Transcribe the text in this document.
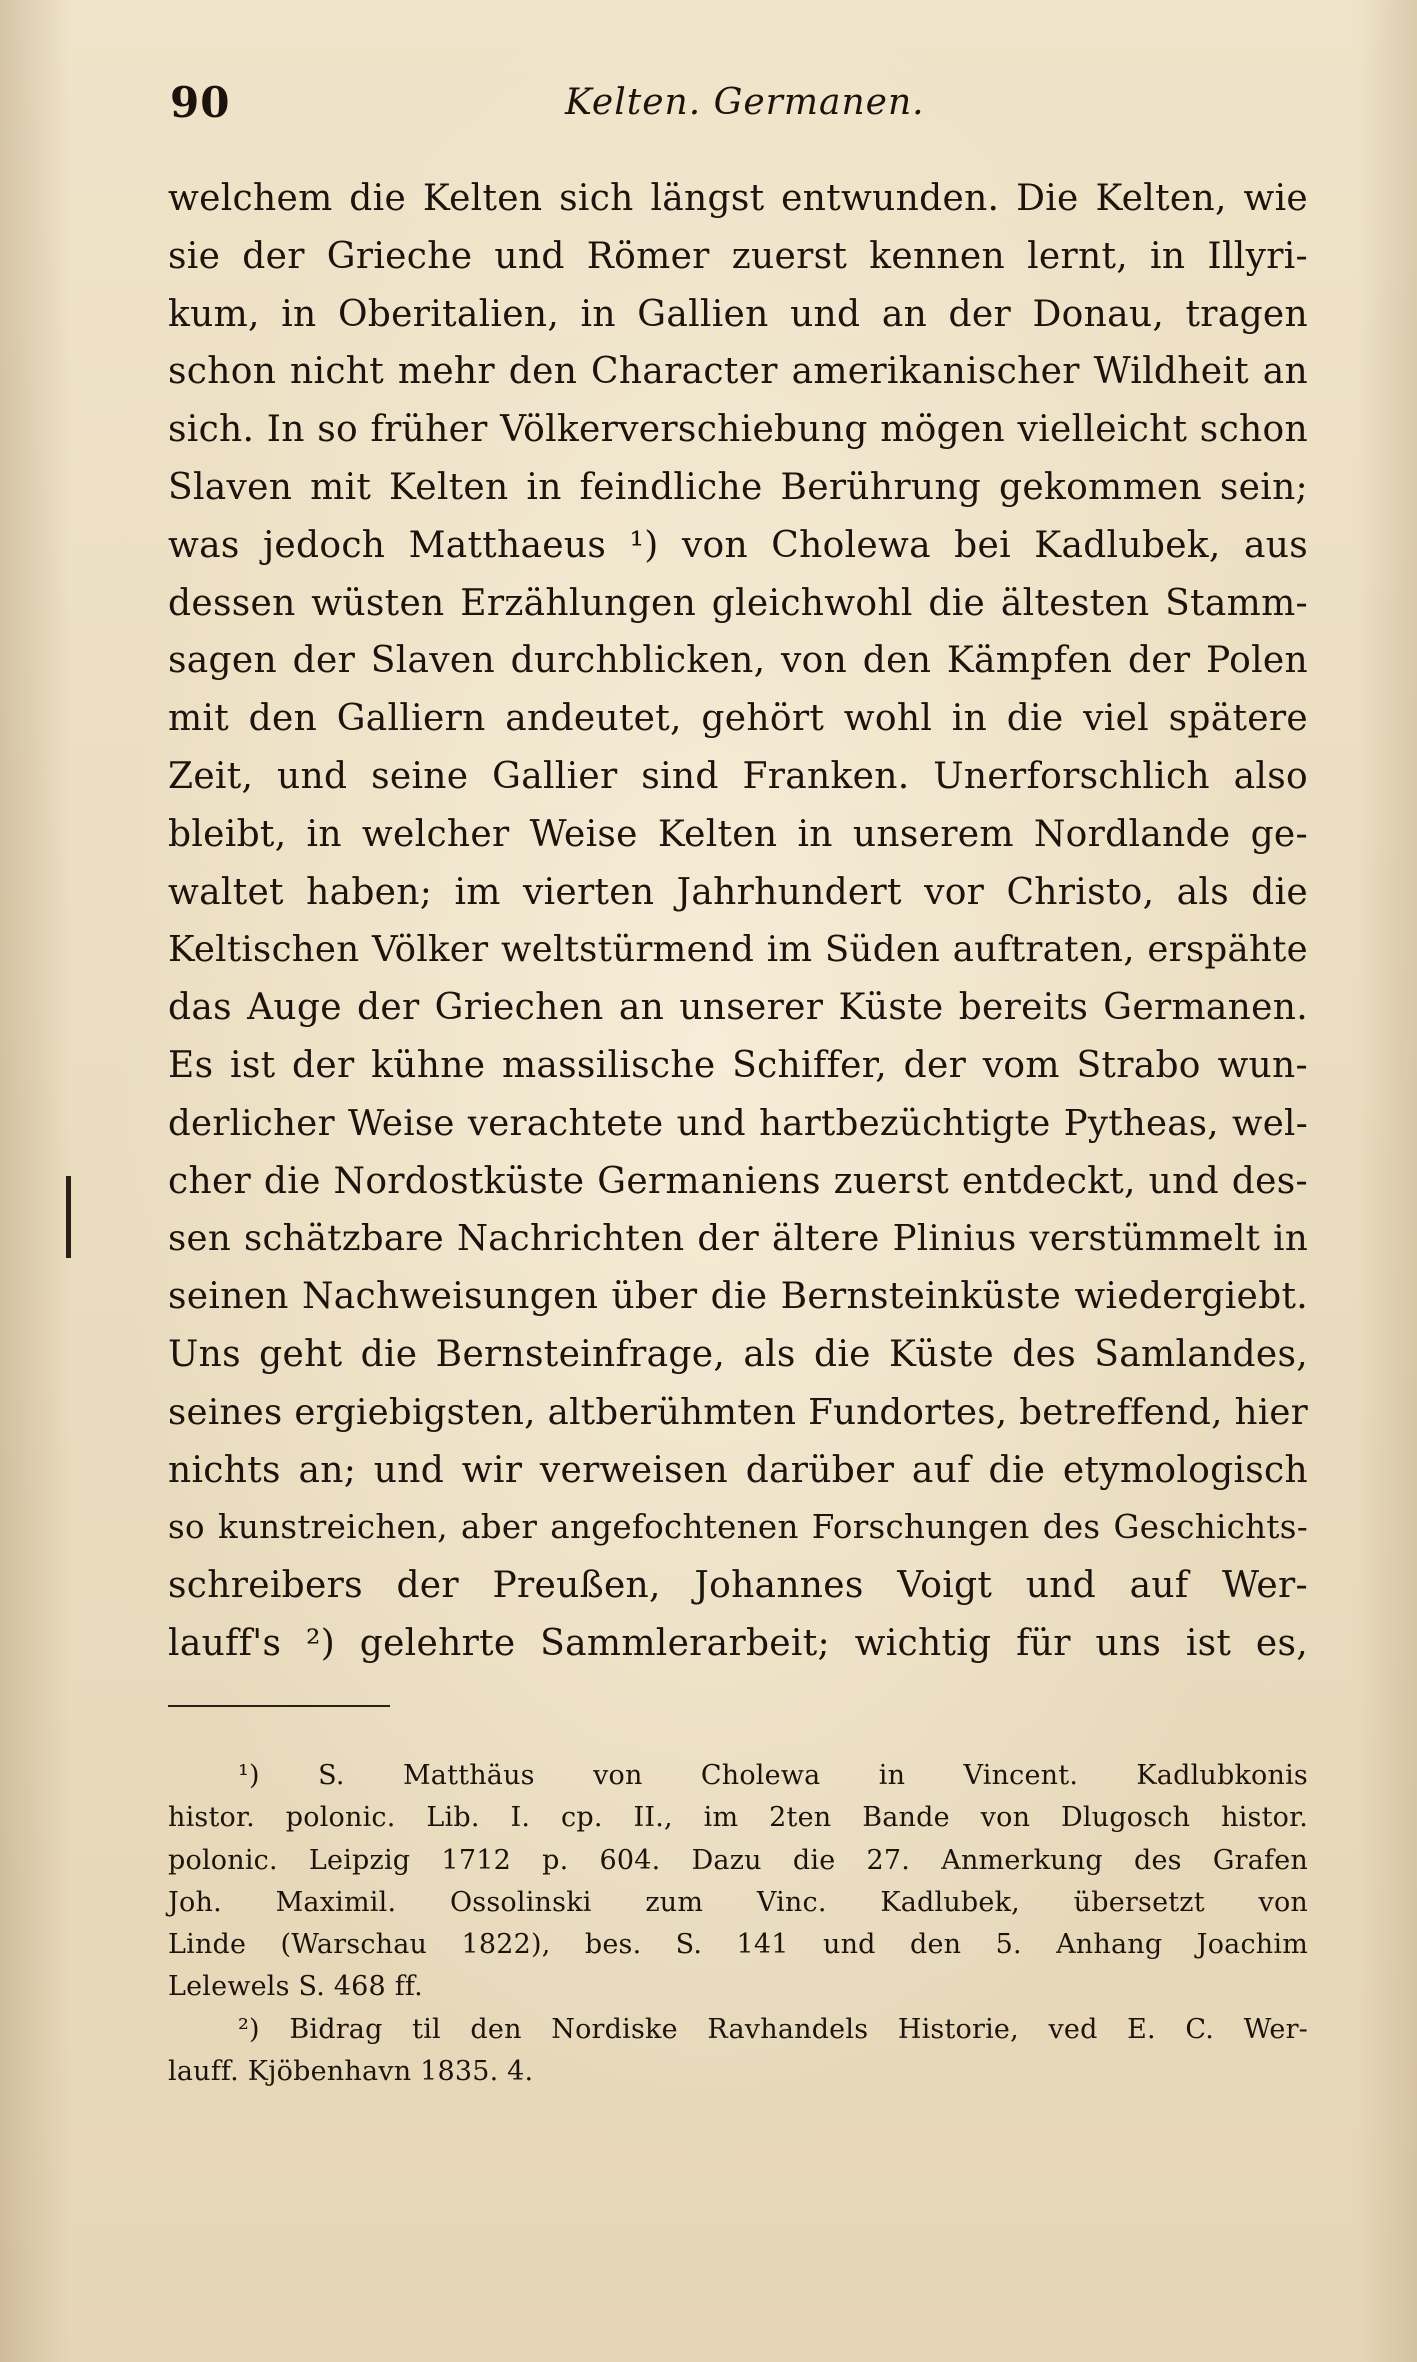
90	Kelten. Germanen.
welchem die Kelten sich längst entwunden. Die Kelten, wie
sie der Grieche und Römer zuerst kennen lernt, in Illyri-
kum, in Oberitalien, in Gallien und an der Donau, tragen
schon nicht mehr den Character amerikanischer Wildheit an
sich. In so früher Völkerverschiebung mögen vielleicht schon
Slaven mit Kelten in feindliche Berührung gekommen sein;
was jedoch Matthaeus ¹) von Cholewa bei Kadlubek, aus
dessen wüsten Erzählungen gleichwohl die ältesten Stamm-
sagen der Slaven durchblicken, von den Kämpfen der Polen
mit den Galliern andeutet, gehört wohl in die viel spätere
Zeit, und seine Gallier sind Franken. Unerforschlich also
bleibt, in welcher Weise Kelten in unserem Nordlande ge-
waltet haben; im vierten Jahrhundert vor Christo, als die
Keltischen Völker weltstürmend im Süden auftraten, erspähte
das Auge der Griechen an unserer Küste bereits Germanen.
Es ist der kühne massilische Schiffer, der vom Strabo wun-
derlicher Weise verachtete und hartbezüchtigte Pytheas, wel-
cher die Nordostküste Germaniens zuerst entdeckt, und des-
sen schätzbare Nachrichten der ältere Plinius verstümmelt in
seinen Nachweisungen über die Bernsteinküste wiedergiebt.
Uns geht die Bernsteinfrage, als die Küste des Samlandes,
seines ergiebigsten, altberühmten Fundortes, betreffend, hier
nichts an; und wir verweisen darüber auf die etymologisch
so kunstreichen, aber angefochtenen Forschungen des Geschichts-
schreibers der Preußen, Johannes Voigt und auf Wer-
lauff's ²) gelehrte Sammlerarbeit; wichtig für uns ist es,
¹) S. Matthäus von Cholewa in Vincent. Kadlubkonis
histor. polonic. Lib. I. cp. II., im 2ten Bande von Dlugosch histor.
polonic. Leipzig 1712 p. 604. Dazu die 27. Anmerkung des Grafen
Joh. Maximil. Ossolinski zum Vinc. Kadlubek, übersetzt von
Linde (Warschau 1822), bes. S. 141 und den 5. Anhang Joachim
Lelewels S. 468 ff.
²) Bidrag til den Nordiske Ravhandels Historie, ved E. C. Wer-
lauff. Kjöbenhavn 1835. 4.
